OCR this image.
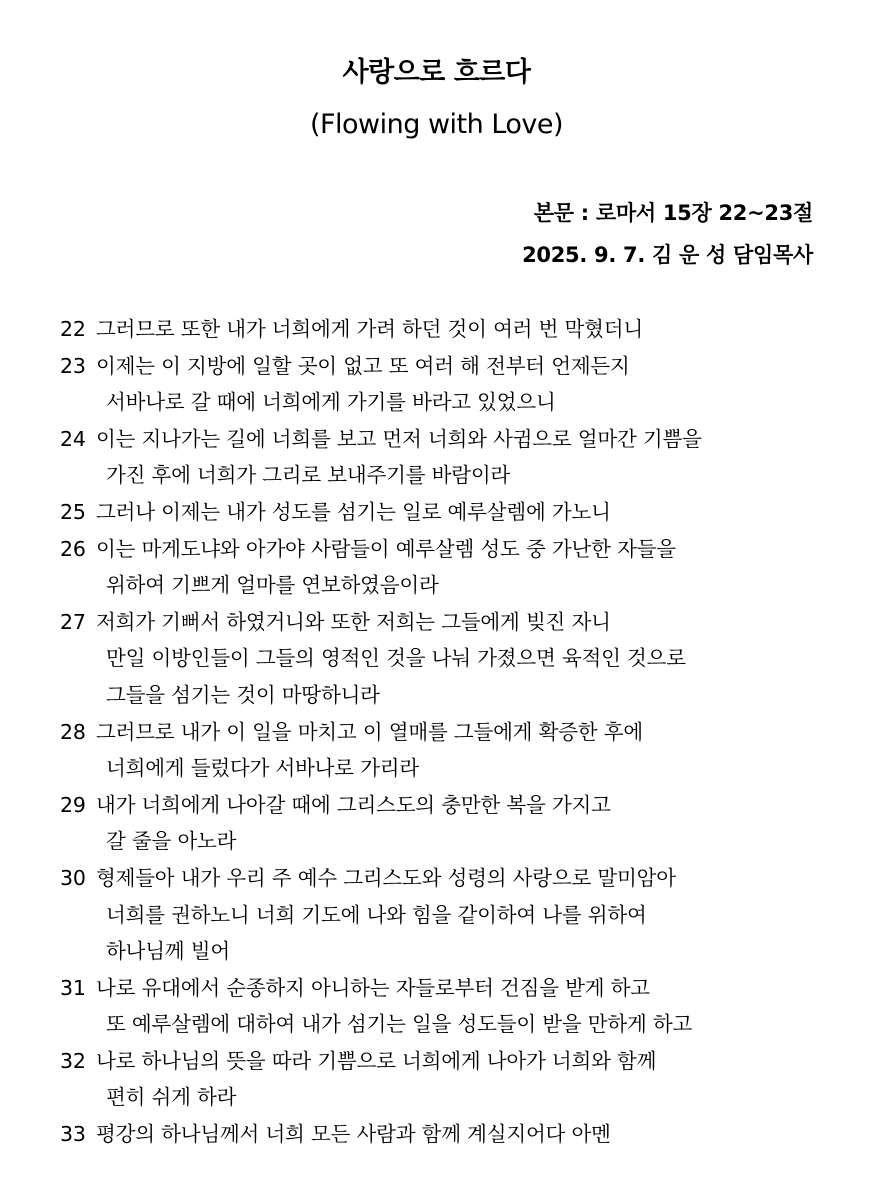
사랑으로 흐르다
(Flowing with Love)
본문 : 로마서 15장 22~23절
2025. 9. 7. 김 운 성 담임목사
22 그러므로 또한 내가 너희에게 가려 하던 것이 여러 번 막혔더니
23 이제는 이 지방에 일할 곳이 없고 또 여러 해 전부터 언제든지
서바나로 갈 때에 너희에게 가기를 바라고 있었으니
24 이는 지나가는 길에 너희를 보고 먼저 너희와 사귐으로 얼마간 기쁨을
가진 후에 너희가 그리로 보내주기를 바람이라
25 그러나 이제는 내가 성도를 섬기는 일로 예루살렘에 가노니
26 이는 마게도냐와 아가야 사람들이 예루살렘 성도 중 가난한 자들을
위하여 기쁘게 얼마를 연보하였음이라
27 저희가 기뻐서 하였거니와 또한 저희는 그들에게 빚진 자니
만일 이방인들이 그들의 영적인 것을 나눠 가졌으면 육적인 것으로
그들을 섬기는 것이 마땅하니라
28 그러므로 내가 이 일을 마치고 이 열매를 그들에게 확증한 후에
너희에게 들렀다가 서바나로 가리라
29 내가 너희에게 나아갈 때에 그리스도의 충만한 복을 가지고
갈 줄을 아노라
30 형제들아 내가 우리 주 예수 그리스도와 성령의 사랑으로 말미암아
너희를 권하노니 너희 기도에 나와 힘을 같이하여 나를 위하여
하나님께 빌어
31 나로 유대에서 순종하지 아니하는 자들로부터 건짐을 받게 하고
또 예루살렘에 대하여 내가 섬기는 일을 성도들이 받을 만하게 하고
32 나로 하나님의 뜻을 따라 기쁨으로 너희에게 나아가 너희와 함께
편히 쉬게 하라
33 평강의 하나님께서 너희 모든 사람과 함께 계실지어다 아멘
